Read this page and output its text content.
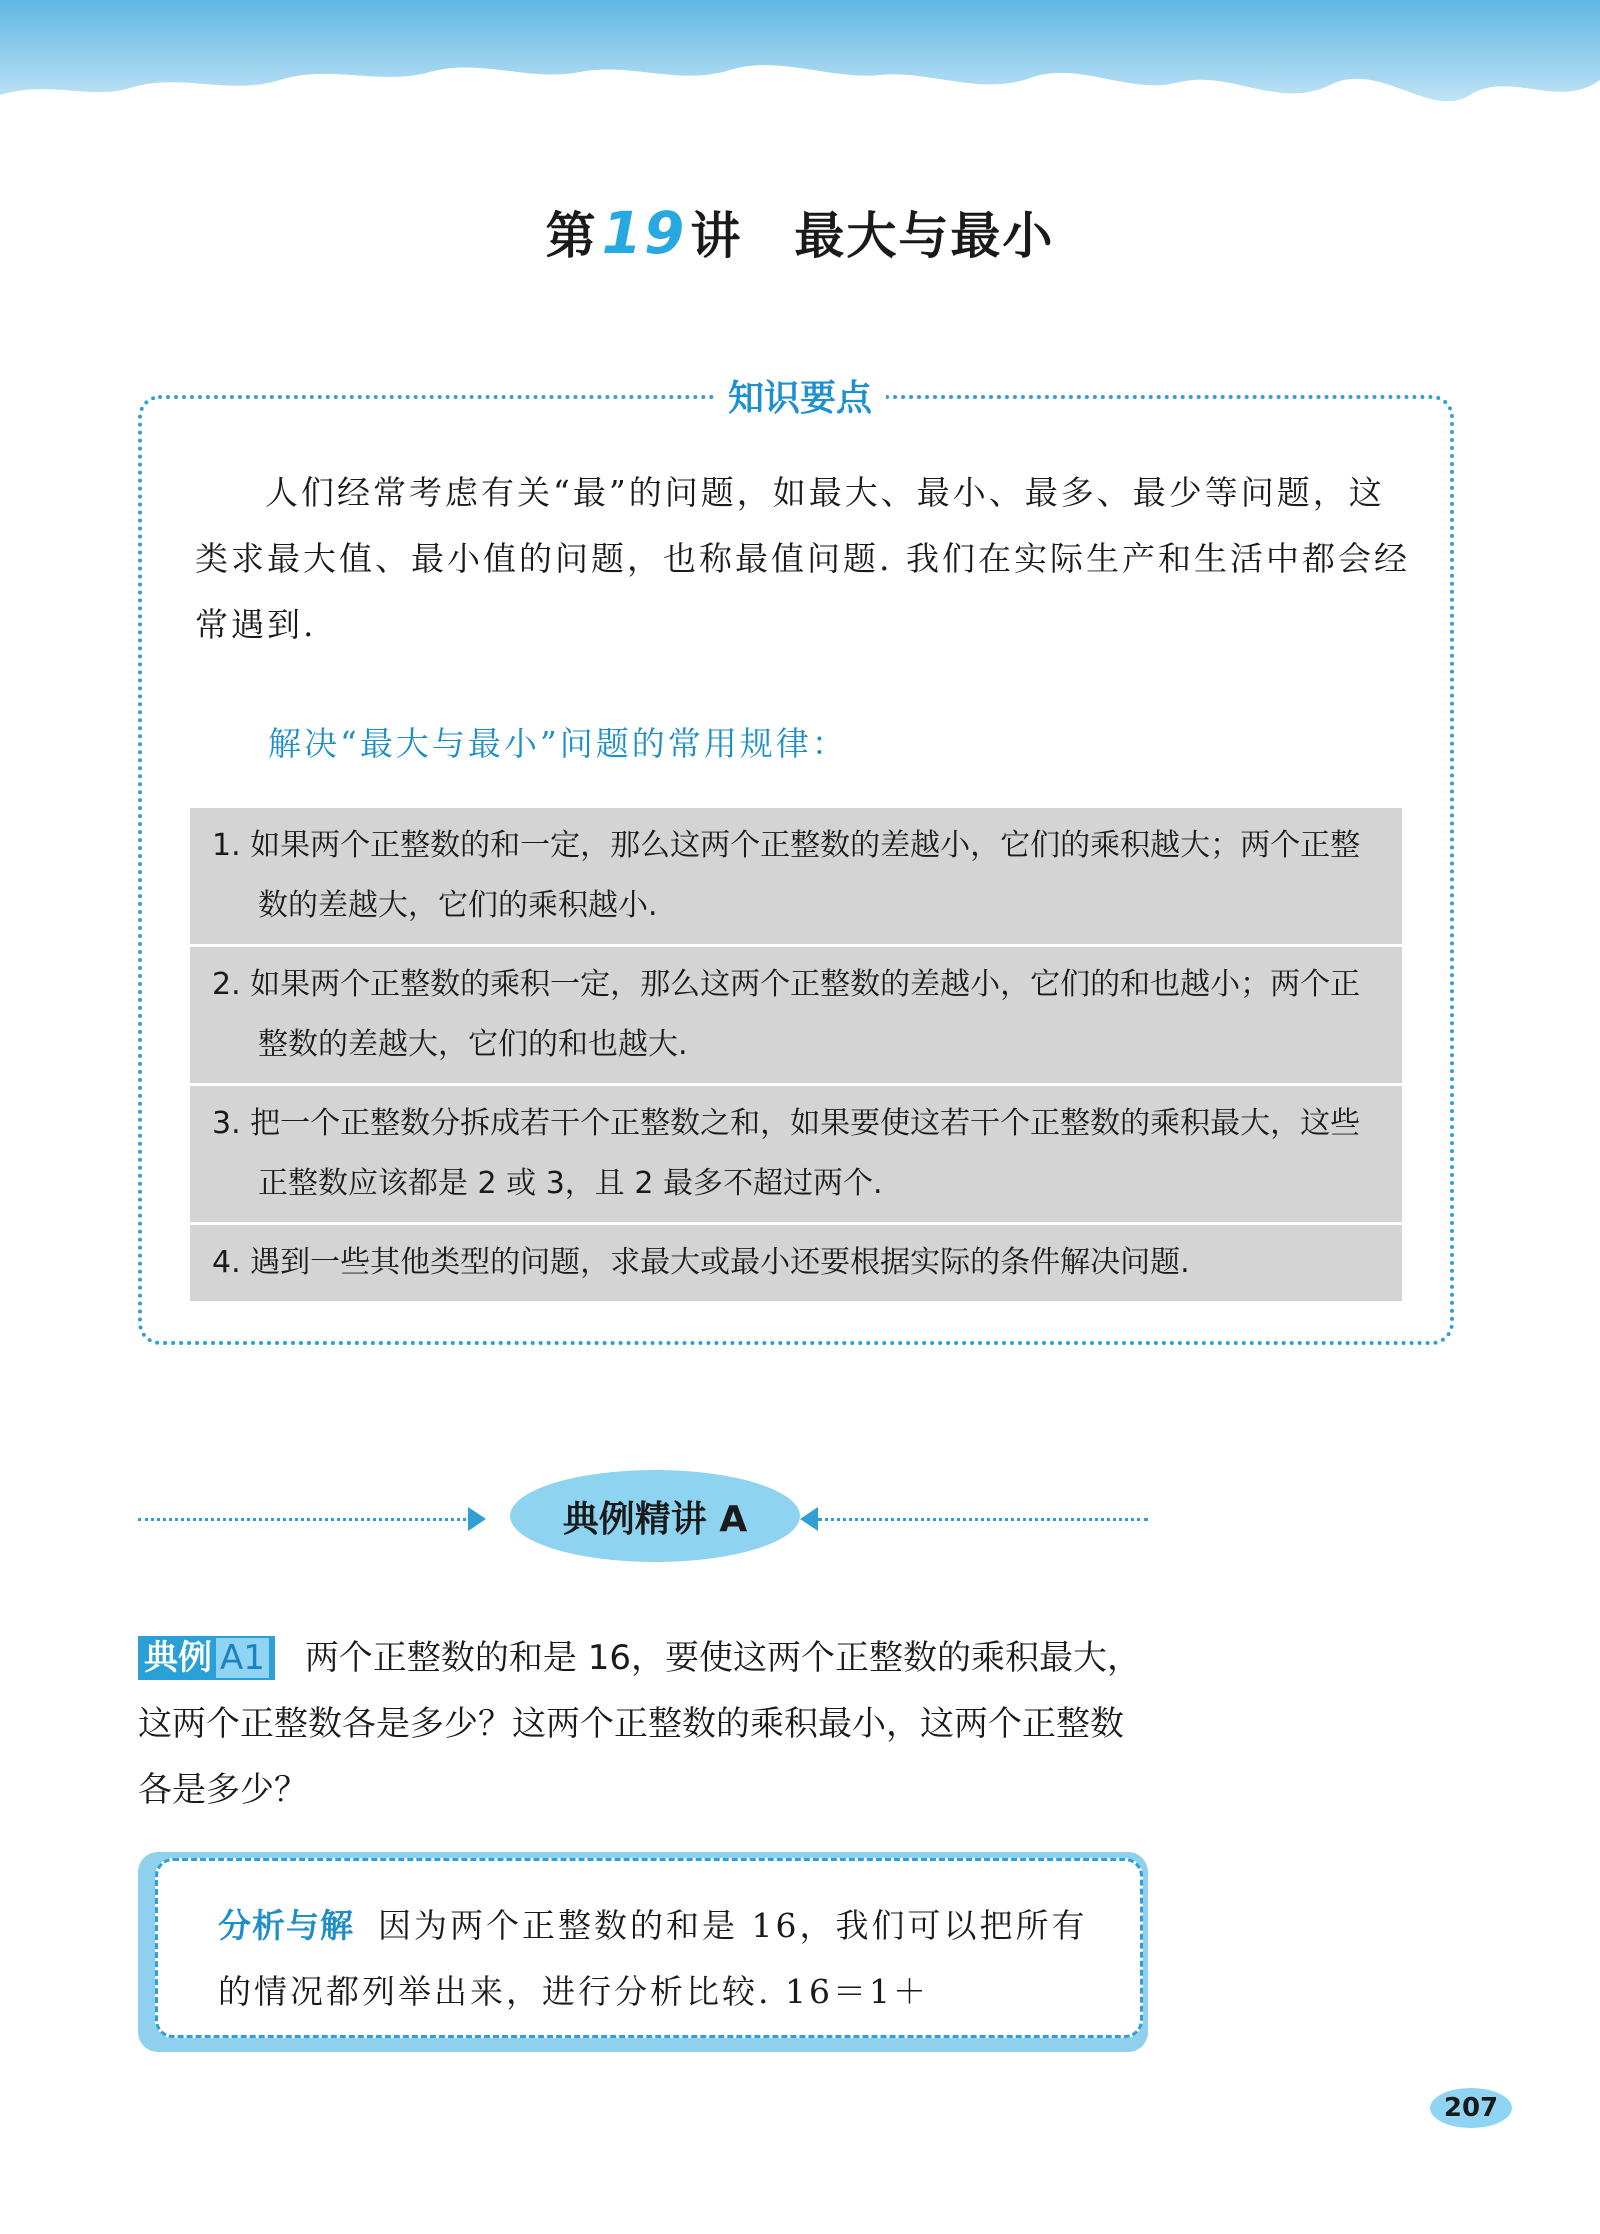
第19讲 最大与最小
知识要点
人们经常考虑有关“最”的问题，如最大、最小、最多、最少等问题，这类求最大值、最小值的问题，也称最值问题. 我们在实际生产和生活中都会经常遇到.
解决“最大与最小”问题的常用规律：
1. 如果两个正整数的和一定，那么这两个正整数的差越小，它们的乘积越大；两个正整数的差越大，它们的乘积越小.
2. 如果两个正整数的乘积一定，那么这两个正整数的差越小，它们的和也越小；两个正整数的差越大，它们的和也越大.
3. 把一个正整数分拆成若干个正整数之和，如果要使这若干个正整数的乘积最大，这些正整数应该都是 2 或 3，且 2 最多不超过两个.
4. 遇到一些其他类型的问题，求最大或最小还要根据实际的条件解决问题.
典例精讲 A
典例 A1 两个正整数的和是 16，要使这两个正整数的乘积最大，这两个正整数各是多少？这两个正整数的乘积最小，这两个正整数各是多少？
分析与解 因为两个正整数的和是 16，我们可以把所有的情况都列举出来，进行分析比较. 16＝1＋
207
